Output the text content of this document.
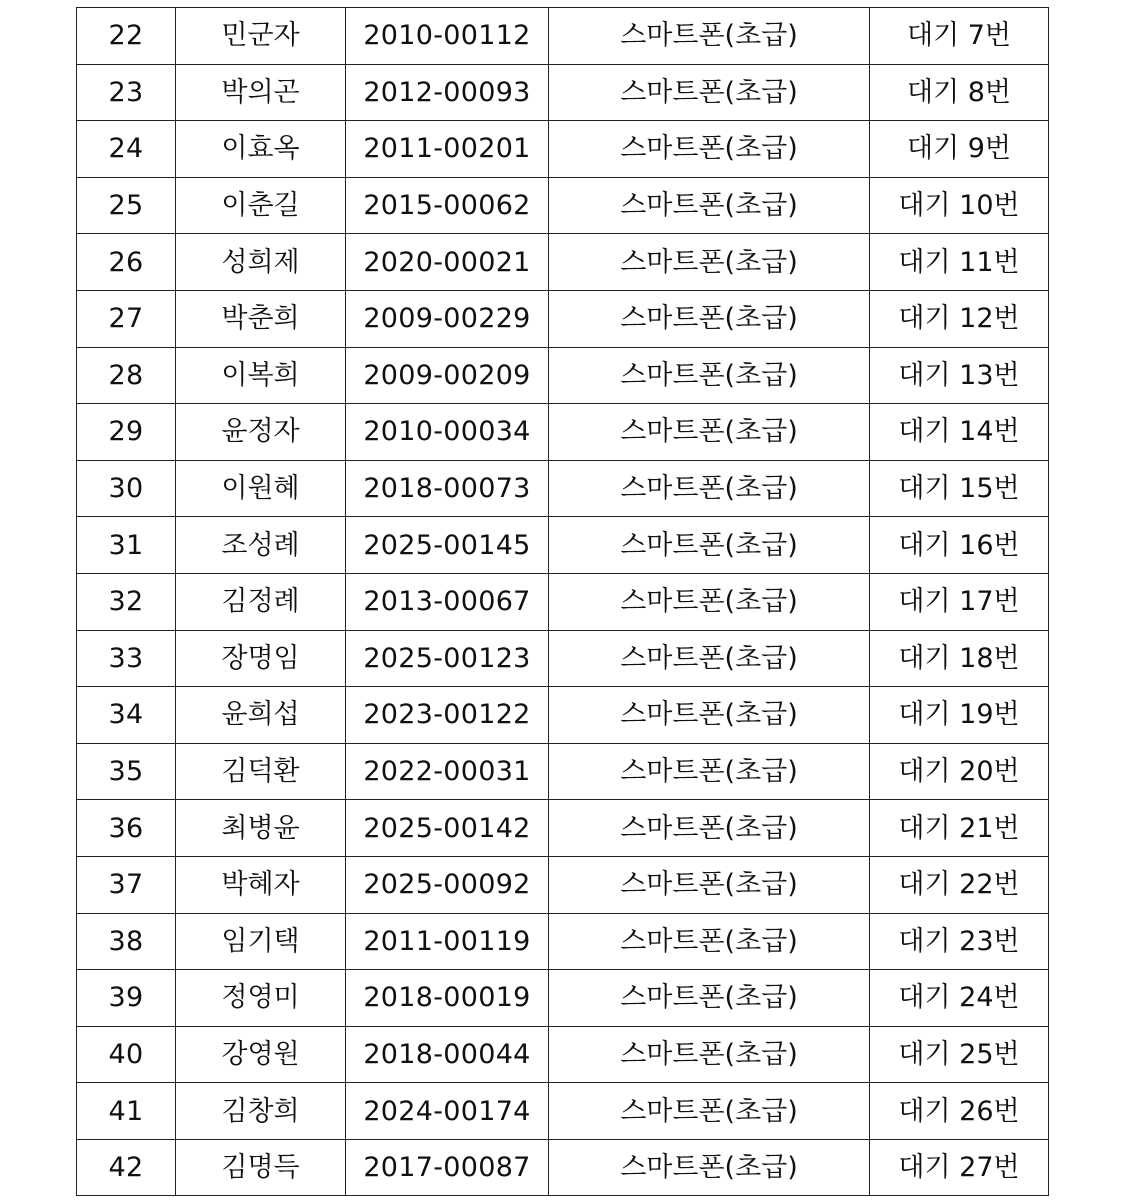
22	민군자	2010-00112	스마트폰(초급)	대기 7번
23	박의곤	2012-00093	스마트폰(초급)	대기 8번
24	이효옥	2011-00201	스마트폰(초급)	대기 9번
25	이춘길	2015-00062	스마트폰(초급)	대기 10번
26	성희제	2020-00021	스마트폰(초급)	대기 11번
27	박춘희	2009-00229	스마트폰(초급)	대기 12번
28	이복희	2009-00209	스마트폰(초급)	대기 13번
29	윤정자	2010-00034	스마트폰(초급)	대기 14번
30	이원혜	2018-00073	스마트폰(초급)	대기 15번
31	조성례	2025-00145	스마트폰(초급)	대기 16번
32	김정례	2013-00067	스마트폰(초급)	대기 17번
33	장명임	2025-00123	스마트폰(초급)	대기 18번
34	윤희섭	2023-00122	스마트폰(초급)	대기 19번
35	김덕환	2022-00031	스마트폰(초급)	대기 20번
36	최병윤	2025-00142	스마트폰(초급)	대기 21번
37	박혜자	2025-00092	스마트폰(초급)	대기 22번
38	임기택	2011-00119	스마트폰(초급)	대기 23번
39	정영미	2018-00019	스마트폰(초급)	대기 24번
40	강영원	2018-00044	스마트폰(초급)	대기 25번
41	김창희	2024-00174	스마트폰(초급)	대기 26번
42	김명득	2017-00087	스마트폰(초급)	대기 27번
